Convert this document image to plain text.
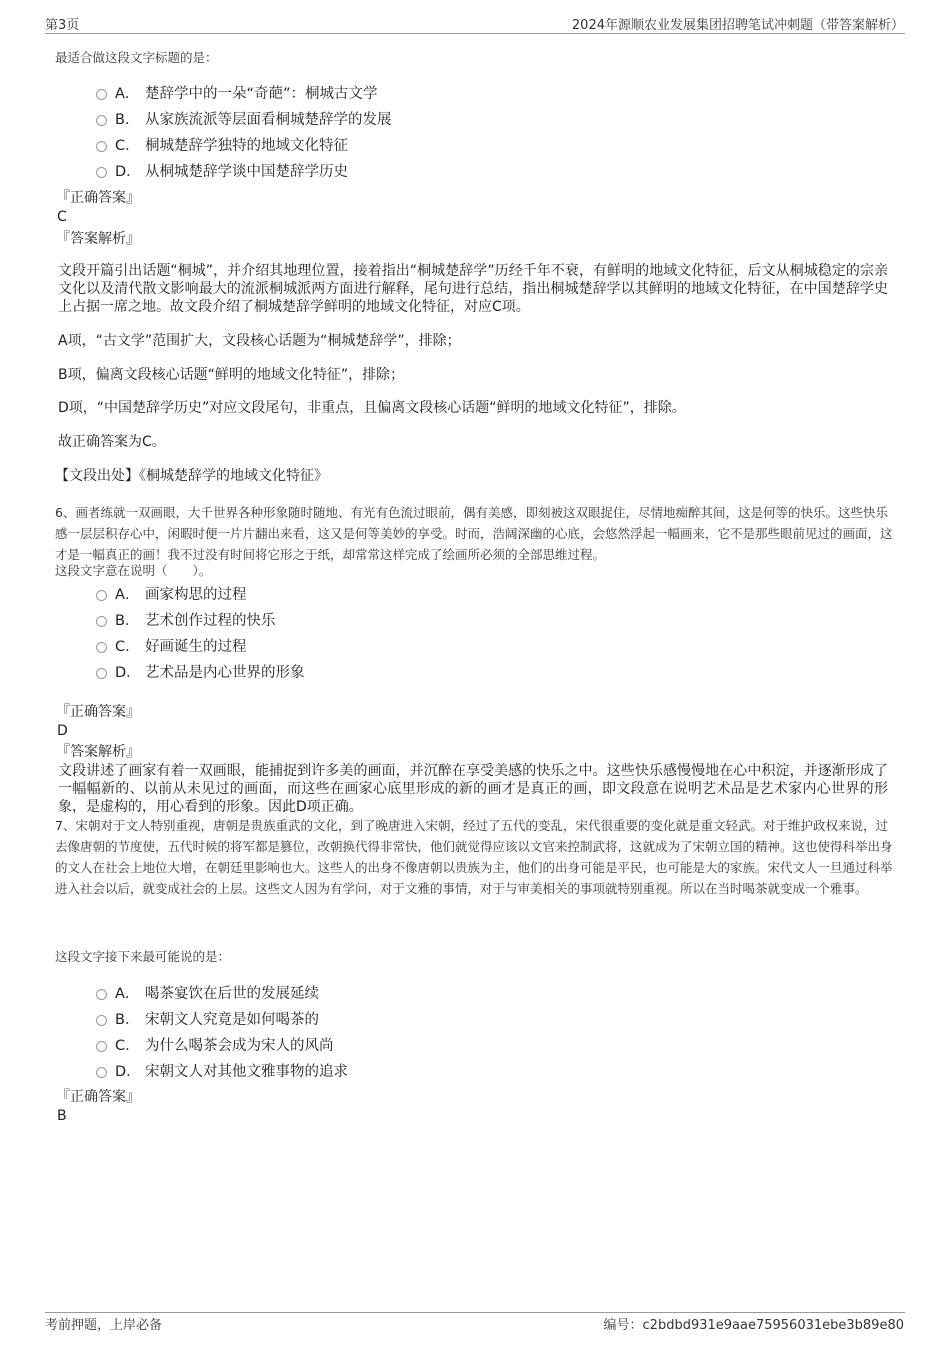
第3页	2024年源顺农业发展集团招聘笔试冲刺题（带答案解析）
最适合做这段文字标题的是：
A． 楚辞学中的一朵“奇葩”：桐城古文学
B． 从家族流派等层面看桐城楚辞学的发展
C． 桐城楚辞学独特的地域文化特征
D． 从桐城楚辞学谈中国楚辞学历史
『正确答案』
C
『答案解析』
文段开篇引出话题“桐城”，并介绍其地理位置，接着指出“桐城楚辞学”历经千年不衰，有鲜明的地域文化特征，后文从桐城稳定的宗亲文化以及清代散文影响最大的流派桐城派两方面进行解释，尾句进行总结，指出桐城楚辞学以其鲜明的地域文化特征，在中国楚辞学史上占据一席之地。故文段介绍了桐城楚辞学鲜明的地域文化特征，对应C项。
A项，“古文学”范围扩大，文段核心话题为“桐城楚辞学”，排除；
B项，偏离文段核心话题“鲜明的地域文化特征”，排除；
D项，“中国楚辞学历史”对应文段尾句，非重点，且偏离文段核心话题“鲜明的地域文化特征”，排除。
故正确答案为C。
【文段出处】《桐城楚辞学的地域文化特征》
6、画者练就一双画眼，大千世界各种形象随时随地、有光有色流过眼前，偶有美感，即刻被这双眼捉住，尽情地痴醉其间，这是何等的快乐。这些快乐感一层层积存心中，闲暇时便一片片翻出来看，这又是何等美妙的享受。时而，浩阔深幽的心底，会悠然浮起一幅画来，它不是那些眼前见过的画面，这才是一幅真正的画！我不过没有时间将它形之于纸，却常常这样完成了绘画所必须的全部思维过程。
这段文字意在说明（　　）。
A． 画家构思的过程
B． 艺术创作过程的快乐
C． 好画诞生的过程
D． 艺术品是内心世界的形象
『正确答案』
D
『答案解析』
文段讲述了画家有着一双画眼，能捕捉到许多美的画面，并沉醉在享受美感的快乐之中。这些快乐感慢慢地在心中积淀，并逐渐形成了一幅幅新的、以前从未见过的画面，而这些在画家心底里形成的新的画才是真正的画，即文段意在说明艺术品是艺术家内心世界的形象，是虚构的，用心看到的形象。因此D项正确。
7、宋朝对于文人特别重视，唐朝是贵族重武的文化，到了晚唐进入宋朝，经过了五代的变乱，宋代很重要的变化就是重文轻武。对于维护政权来说，过去像唐朝的节度使，五代时候的将军都是篡位，改朝换代得非常快，他们就觉得应该以文官来控制武将，这就成为了宋朝立国的精神。这也使得科举出身的文人在社会上地位大增，在朝廷里影响也大。这些人的出身不像唐朝以贵族为主，他们的出身可能是平民，也可能是大的家族。宋代文人一旦通过科举进入社会以后，就变成社会的上层。这些文人因为有学问，对于文雅的事情，对于与审美相关的事项就特别重视。所以在当时喝茶就变成一个雅事。
这段文字接下来最可能说的是：
A． 喝茶宴饮在后世的发展延续
B． 宋朝文人究竟是如何喝茶的
C． 为什么喝茶会成为宋人的风尚
D． 宋朝文人对其他文雅事物的追求
『正确答案』
B
考前押题，上岸必备	编号：c2bdbd931e9aae75956031ebe3b89e80
